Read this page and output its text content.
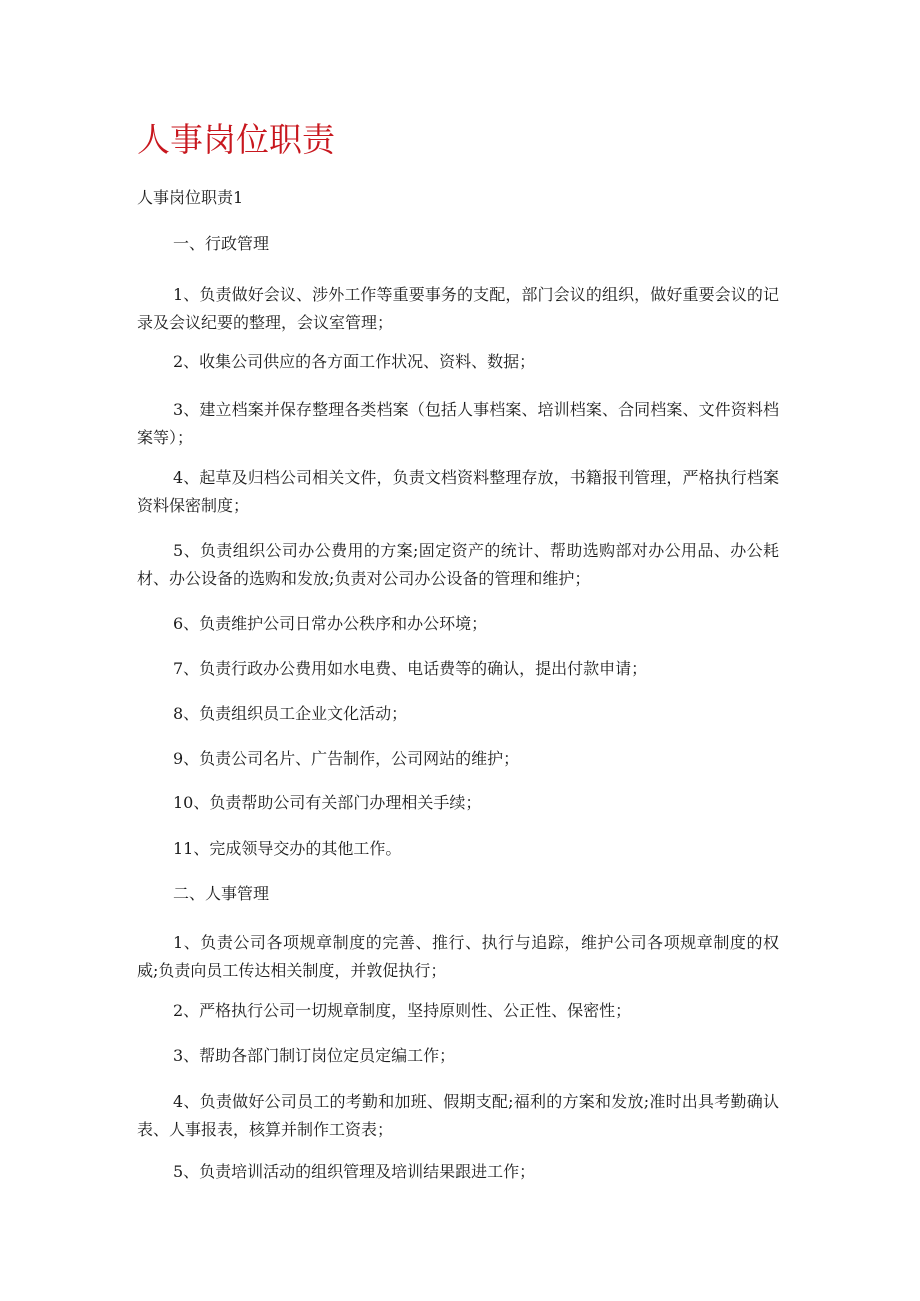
人事岗位职责
人事岗位职责1
一、行政管理

1、负责做好会议、涉外工作等重要事务的支配，部门会议的组织，做好重要会议的记录及会议纪要的整理，会议室管理；

2、收集公司供应的各方面工作状况、资料、数据；

3、建立档案并保存整理各类档案（包括人事档案、培训档案、合同档案、文件资料档案等）；

4、起草及归档公司相关文件，负责文档资料整理存放，书籍报刊管理，严格执行档案资料保密制度；

5、负责组织公司办公费用的方案;固定资产的统计、帮助选购部对办公用品、办公耗材、办公设备的选购和发放;负责对公司办公设备的管理和维护；

6、负责维护公司日常办公秩序和办公环境；

7、负责行政办公费用如水电费、电话费等的确认，提出付款申请；

8、负责组织员工企业文化活动；

9、负责公司名片、广告制作，公司网站的维护；

10、负责帮助公司有关部门办理相关手续；

11、完成领导交办的其他工作。

二、人事管理

1、负责公司各项规章制度的完善、推行、执行与追踪，维护公司各项规章制度的权威;负责向员工传达相关制度，并敦促执行；

2、严格执行公司一切规章制度，坚持原则性、公正性、保密性；

3、帮助各部门制订岗位定员定编工作；

4、负责做好公司员工的考勤和加班、假期支配;福利的方案和发放;准时出具考勤确认表、人事报表，核算并制作工资表；

5、负责培训活动的组织管理及培训结果跟进工作；
